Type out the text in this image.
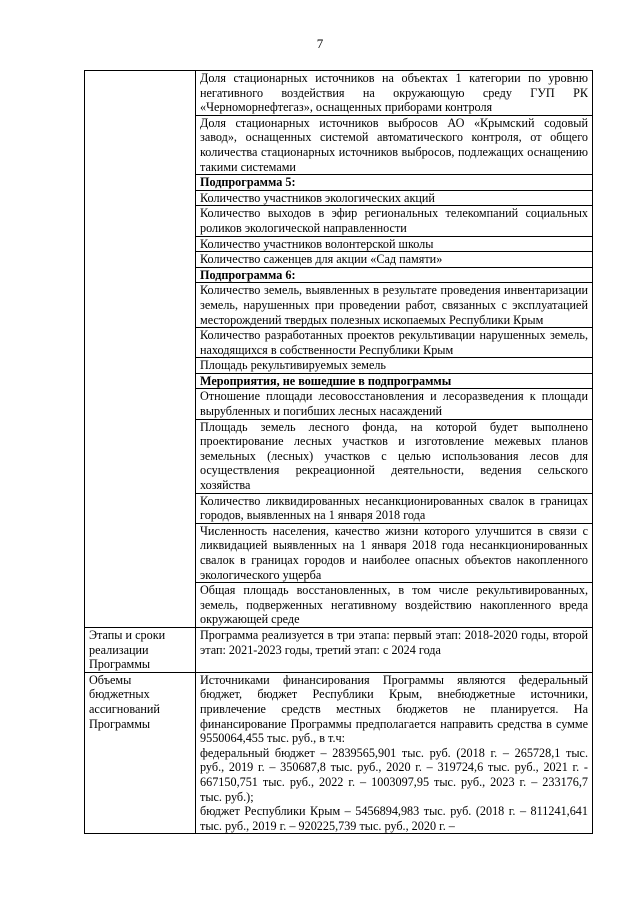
7
	Доля стационарных источников на объектах 1 категории по уровню негативного воздействия на окружающую среду ГУП РК «Черноморнефтегаз», оснащенных приборами контроля
	Доля стационарных источников выбросов АО «Крымский содовый завод», оснащенных системой автоматического контроля, от общего количества стационарных источников выбросов, подлежащих оснащению такими системами
	Подпрограмма 5:
	Количество участников экологических акций
	Количество выходов в эфир региональных телекомпаний социальных роликов экологической направленности
	Количество участников волонтерской школы
	Количество саженцев для акции «Сад памяти»
	Подпрограмма 6:
	Количество земель, выявленных в результате проведения инвентаризации земель, нарушенных при проведении работ, связанных с эксплуатацией месторождений твердых полезных ископаемых Республики Крым
	Количество разработанных проектов рекультивации нарушенных земель, находящихся в собственности Республики Крым
	Площадь рекультивируемых земель
	Мероприятия, не вошедшие в подпрограммы
	Отношение площади лесовосстановления и лесоразведения к площади вырубленных и погибших лесных насаждений
	Площадь земель лесного фонда, на которой будет выполнено проектирование лесных участков и изготовление межевых планов земельных (лесных) участков с целью использования лесов для осуществления рекреационной деятельности, ведения сельского хозяйства
	Количество ликвидированных несанкционированных свалок в границах городов, выявленных на 1 января 2018 года
	Численность населения, качество жизни которого улучшится в связи с ликвидацией выявленных на 1 января 2018 года несанкционированных свалок в границах городов и наиболее опасных объектов накопленного экологического ущерба
	Общая площадь восстановленных, в том числе рекультивированных, земель, подверженных негативному воздействию накопленного вреда окружающей среде
Этапы и сроки реализации Программы	Программа реализуется в три этапа: первый этап: 2018-2020 годы, второй этап: 2021-2023 годы, третий этап: с 2024 года
Объемы бюджетных ассигнований Программы	Источниками финансирования Программы являются федеральный бюджет, бюджет Республики Крым, внебюджетные источники, привлечение средств местных бюджетов не планируется. На финансирование Программы предполагается направить средства в сумме 9550064,455 тыс. руб., в т.ч:
федеральный бюджет – 2839565,901 тыс. руб. (2018 г. – 265728,1 тыс. руб., 2019 г. – 350687,8 тыс. руб., 2020 г. – 319724,6 тыс. руб., 2021 г. - 667150,751 тыс. руб., 2022 г. – 1003097,95 тыс. руб., 2023 г. – 233176,7 тыс. руб.);
бюджет Республики Крым – 5456894,983 тыс. руб. (2018 г. – 811241,641 тыс. руб., 2019 г. – 920225,739 тыс. руб., 2020 г. –
